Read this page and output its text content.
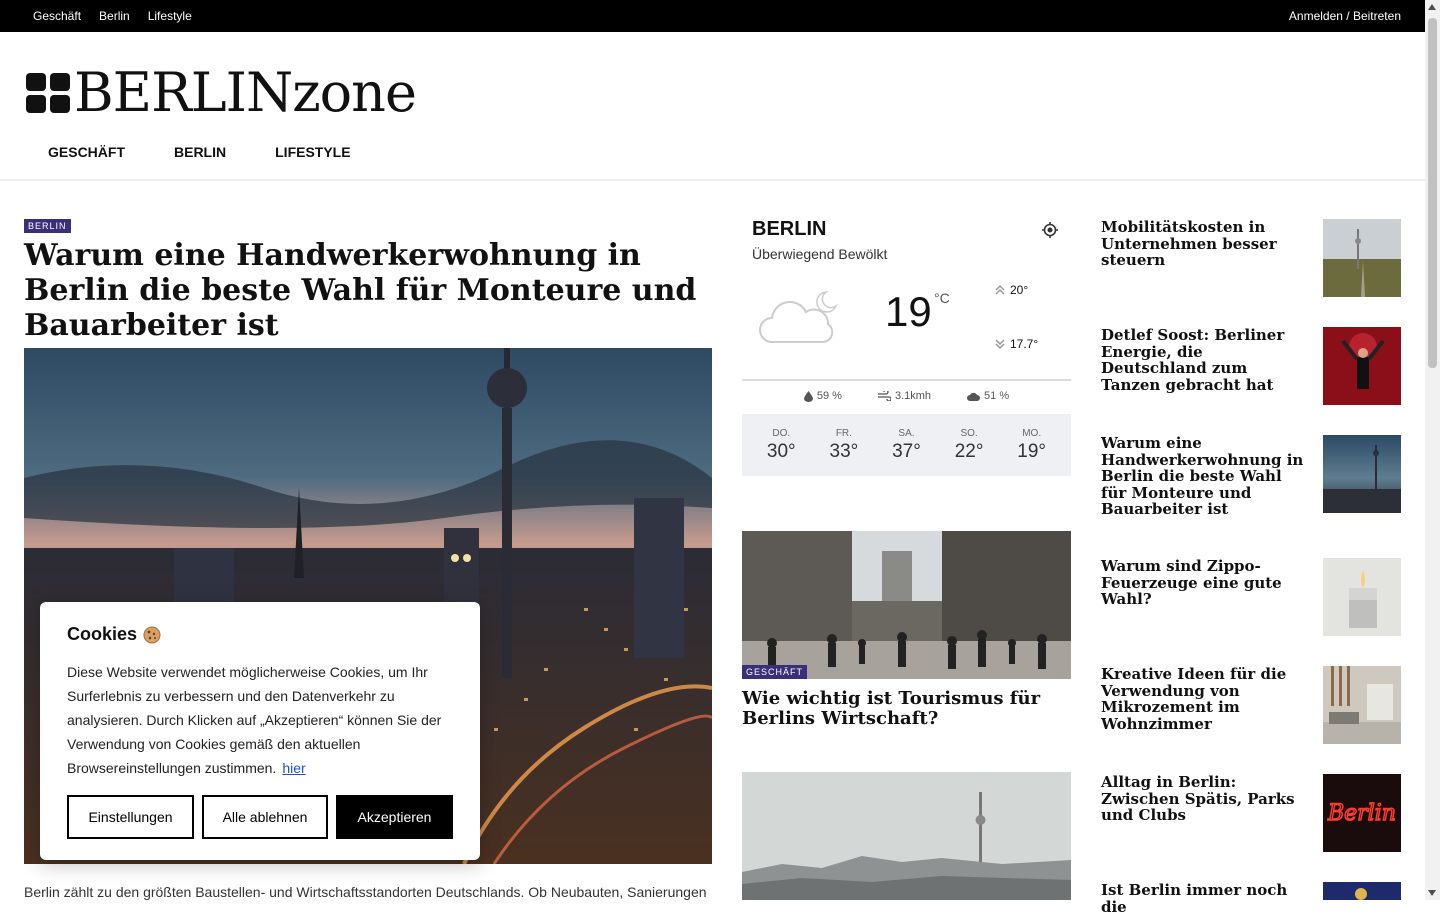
Geschäft Berlin Lifestyle	Anmelden / Beitreten
BERLINzone
GESCHÄFT	BERLIN	LIFESTYLE
BERLIN
Warum eine Handwerkerwohnung in Berlin die beste Wahl für Monteure und Bauarbeiter ist

Berlin zählt zu den größten Baustellen- und Wirtschaftsstandorten Deutschlands. Ob Neubauten, Sanierungen

BERLIN
Überwiegend Bewölkt
19 °C	20°
17.7°
59 %	3.1kmh	51 %
DO.
30°
FR.
33°
SA.
37°
SO.
22°
MO.
19°
GESCHÄFT
Wie wichtig ist Tourismus für Berlins Wirtschaft?
Mobilitätskosten in Unternehmen besser steuern
Detlef Soost: Berliner Energie, die Deutschland zum Tanzen gebracht hat
Warum eine Handwerkerwohnung in Berlin die beste Wahl für Monteure und Bauarbeiter ist
Warum sind Zippo-Feuerzeuge eine gute Wahl?
Kreative Ideen für die Verwendung von Mikrozement im Wohnzimmer
Alltag in Berlin: Zwischen Spätis, Parks und Clubs	Berlin
Ist Berlin immer noch die
Cookies

Diese Website verwendet möglicherweise Cookies, um Ihr Surferlebnis zu verbessern und den Datenverkehr zu analysieren. Durch Klicken auf „Akzeptieren“ können Sie der Verwendung von Cookies gemäß den aktuellen Browsereinstellungen zustimmen. hier

Einstellungen	Alle ablehnen	Akzeptieren
